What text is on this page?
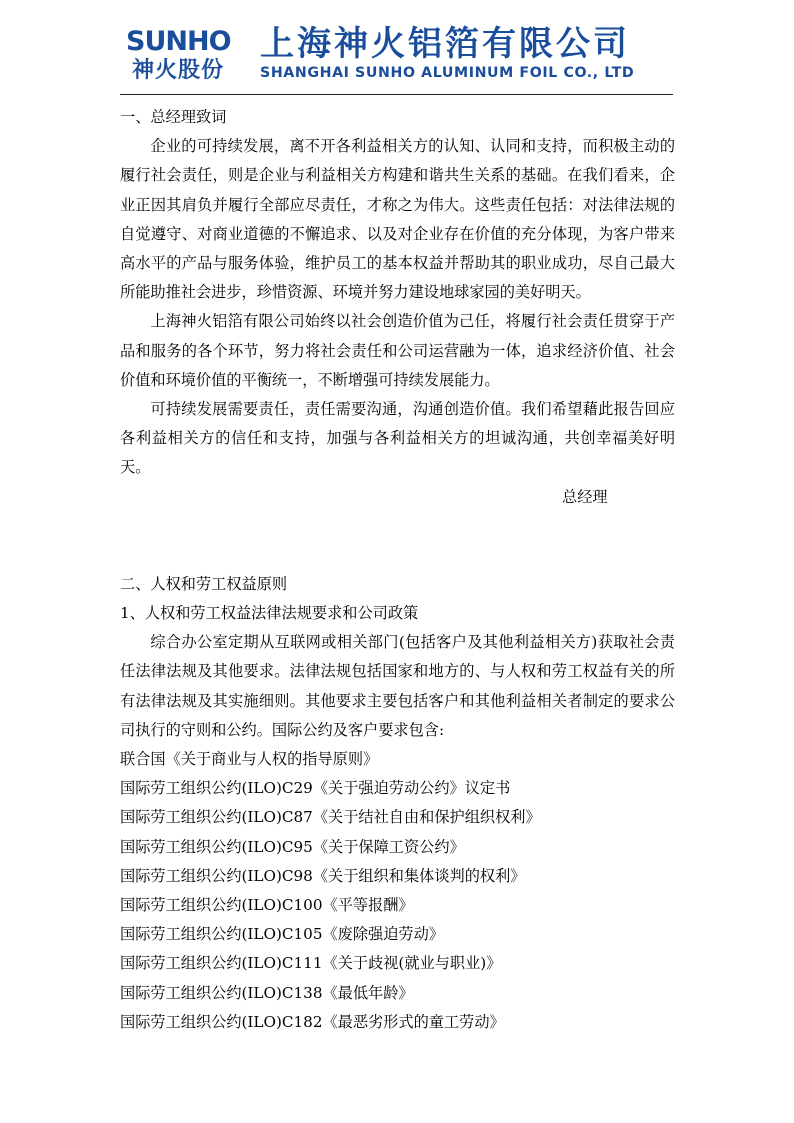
SUNHO
神火股份
上海神火铝箔有限公司
SHANGHAI SUNHO ALUMINUM FOIL CO., LTD

一、总经理致词

企业的可持续发展，离不开各利益相关方的认知、认同和支持，而积极主动的履行社会责任，则是企业与利益相关方构建和谐共生关系的基础。在我们看来，企业正因其肩负并履行全部应尽责任，才称之为伟大。这些责任包括：对法律法规的自觉遵守、对商业道德的不懈追求、以及对企业存在价值的充分体现，为客户带来高水平的产品与服务体验，维护员工的基本权益并帮助其的职业成功，尽自己最大所能助推社会进步，珍惜资源、环境并努力建设地球家园的美好明天。

上海神火铝箔有限公司始终以社会创造价值为己任，将履行社会责任贯穿于产品和服务的各个环节，努力将社会责任和公司运营融为一体，追求经济价值、社会价值和环境价值的平衡统一，不断增强可持续发展能力。

可持续发展需要责任，责任需要沟通，沟通创造价值。我们希望藉此报告回应各利益相关方的信任和支持，加强与各利益相关方的坦诚沟通，共创幸福美好明天。

总经理

二、人权和劳工权益原则

1、人权和劳工权益法律法规要求和公司政策

综合办公室定期从互联网或相关部门(包括客户及其他利益相关方)获取社会责任法律法规及其他要求。法律法规包括国家和地方的、与人权和劳工权益有关的所有法律法规及其实施细则。其他要求主要包括客户和其他利益相关者制定的要求公司执行的守则和公约。国际公约及客户要求包含:

联合国《关于商业与人权的指导原则》

国际劳工组织公约(ILO)C29《关于强迫劳动公约》议定书

国际劳工组织公约(ILO)C87《关于结社自由和保护组织权利》

国际劳工组织公约(ILO)C95《关于保障工资公约》

国际劳工组织公约(ILO)C98《关于组织和集体谈判的权利》

国际劳工组织公约(ILO)C100《平等报酬》

国际劳工组织公约(ILO)C105《废除强迫劳动》

国际劳工组织公约(ILO)C111《关于歧视(就业与职业)》

国际劳工组织公约(ILO)C138《最低年龄》

国际劳工组织公约(ILO)C182《最恶劣形式的童工劳动》
